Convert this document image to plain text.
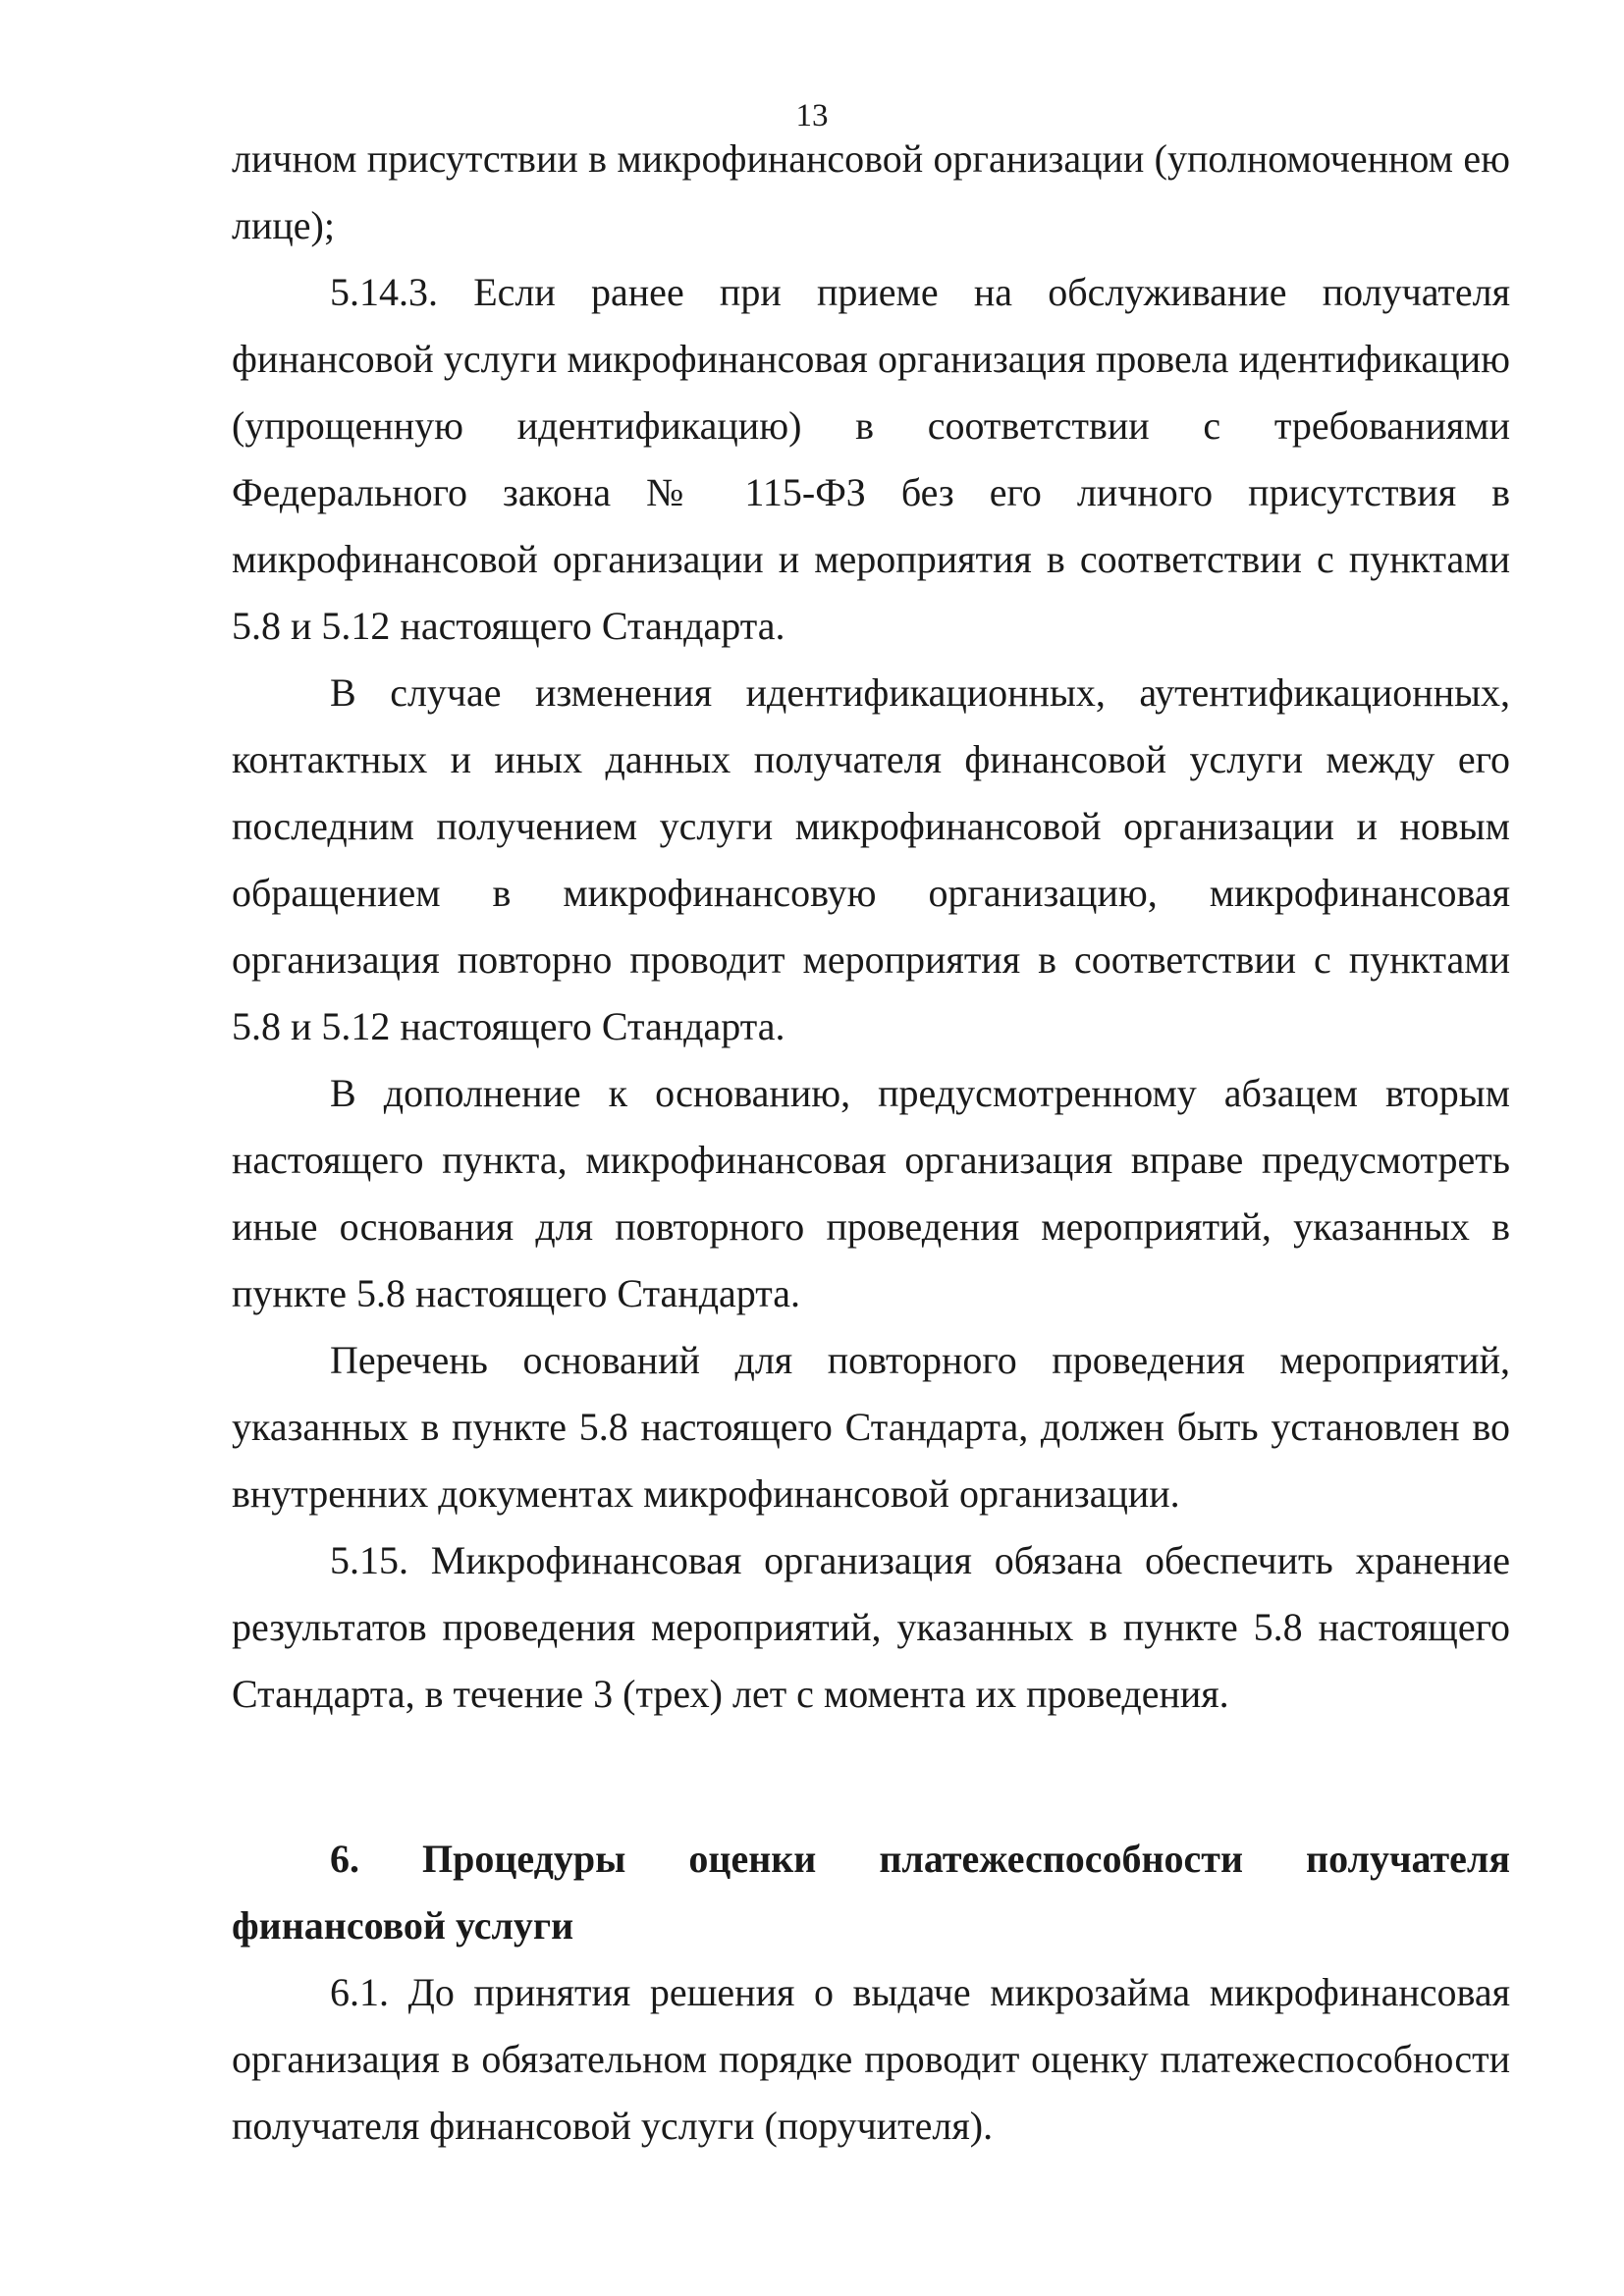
13

личном присутствии в микрофинансовой организации (уполномоченном ею лице);

5.14.3. Если ранее при приеме на обслуживание получателя финансовой услуги микрофинансовая организация провела идентификацию (упрощенную идентификацию) в соответствии с требованиями Федерального закона № 115-ФЗ без его личного присутствия в микрофинансовой организации и мероприятия в соответствии с пунктами 5.8 и 5.12 настоящего Стандарта.

В случае изменения идентификационных, аутентификационных, контактных и иных данных получателя финансовой услуги между его последним получением услуги микрофинансовой организации и новым обращением в микрофинансовую организацию, микрофинансовая организация повторно проводит мероприятия в соответствии с пунктами 5.8 и 5.12 настоящего Стандарта.

В дополнение к основанию, предусмотренному абзацем вторым настоящего пункта, микрофинансовая организация вправе предусмотреть иные основания для повторного проведения мероприятий, указанных в пункте 5.8 настоящего Стандарта.

Перечень оснований для повторного проведения мероприятий, указанных в пункте 5.8 настоящего Стандарта, должен быть установлен во внутренних документах микрофинансовой организации.

5.15. Микрофинансовая организация обязана обеспечить хранение результатов проведения мероприятий, указанных в пункте 5.8 настоящего Стандарта, в течение 3 (трех) лет с момента их проведения.

6. Процедуры оценки платежеспособности получателя финансовой услуги

6.1. До принятия решения о выдаче микрозайма микрофинансовая организация в обязательном порядке проводит оценку платежеспособности получателя финансовой услуги (поручителя).
